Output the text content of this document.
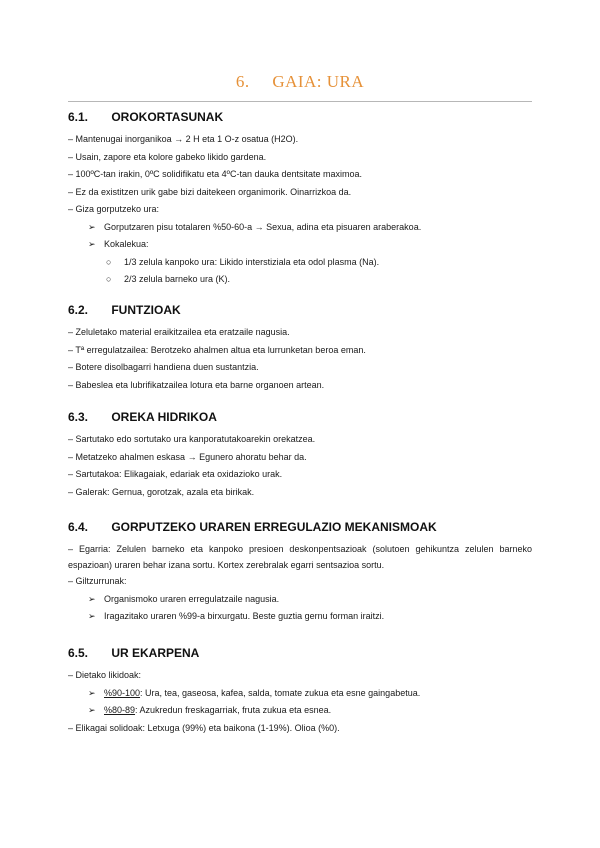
6. GAIA: URA
6.1. OROKORTASUNAK
– Mantenugai inorganikoa → 2 H eta 1 O-z osatua (H2O).
– Usain, zapore eta kolore gabeko likido gardena.
– 100ºC-tan irakin, 0ºC solidifikatu eta 4ºC-tan dauka dentsitate maximoa.
– Ez da existitzen urik gabe bizi daitekeen organimorik. Oinarrizkoa da.
– Giza gorputzeko ura:
➢ Gorputzaren pisu totalaren %50-60-a → Sexua, adina eta pisuaren araberakoa.
➢ Kokalekua:
○ 1/3 zelula kanpoko ura: Likido interstiziala eta odol plasma (Na).
○ 2/3 zelula barneko ura (K).
6.2. FUNTZIOAK
– Zeluletako material eraikitzailea eta eratzaile nagusia.
– Tª erregulatzailea: Berotzeko ahalmen altua eta lurrunketan beroa eman.
– Botere disolbagarri handiena duen sustantzia.
– Babeslea eta lubrifikatzailea lotura eta barne organoen artean.
6.3. OREKA HIDRIKOA
– Sartutako edo sortutako ura kanporatutakoarekin orekatzea.
– Metatzeko ahalmen eskasa → Egunero ahoratu behar da.
– Sartutakoa: Elikagaiak, edariak eta oxidazioko urak.
– Galerak: Gernua, gorotzak, azala eta birikak.
6.4. GORPUTZEKO URAREN ERREGULAZIO MEKANISMOAK
– Egarria: Zelulen barneko eta kanpoko presioen deskonpentsazioak (solutoen gehikuntza zelulen barneko espazioan) uraren behar izana sortu. Kortex zerebralak egarri sentsazioa sortu.
– Giltzurrunak:
➢ Organismoko uraren erregulatzaile nagusia.
➢ Iragazitako uraren %99-a birxurgatu. Beste guztia gernu forman iraitzi.
6.5. UR EKARPENA
– Dietako likidoak:
➢ %90-100: Ura, tea, gaseosa, kafea, salda, tomate zukua eta esne gaingabetua.
➢ %80-89: Azukredun freskagarriak, fruta zukua eta esnea.
– Elikagai solidoak: Letxuga (99%) eta baikona (1-19%). Olioa (%0).
